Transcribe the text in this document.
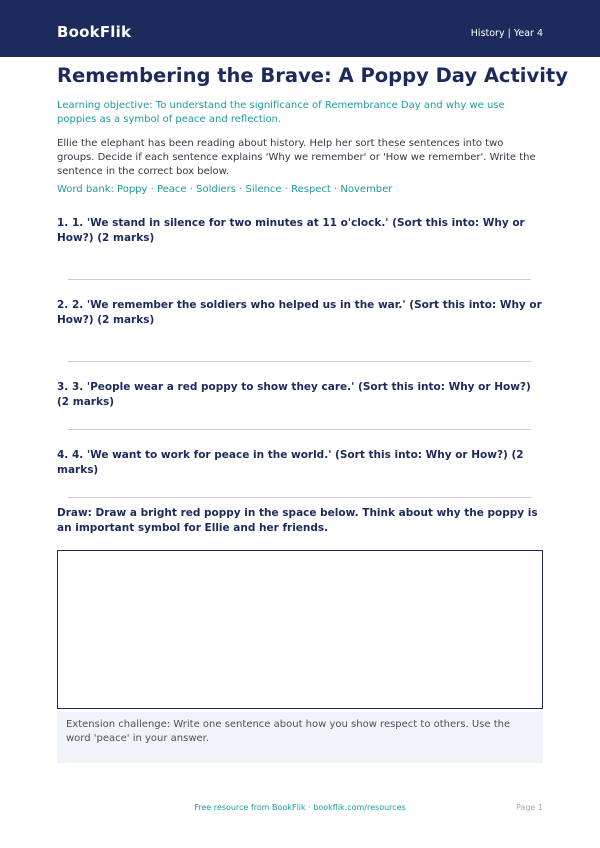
BookFlik	History | Year 4
Remembering the Brave: A Poppy Day Activity

Learning objective: To understand the significance of Remembrance Day and why we use poppies as a symbol of peace and reflection.

Ellie the elephant has been reading about history. Help her sort these sentences into two groups. Decide if each sentence explains 'Why we remember' or 'How we remember'. Write the sentence in the correct box below.

Word bank: Poppy · Peace · Soldiers · Silence · Respect · November

1. 1. 'We stand in silence for two minutes at 11 o'clock.' (Sort this into: Why or How?) (2 marks)

2. 2. 'We remember the soldiers who helped us in the war.' (Sort this into: Why or How?) (2 marks)

3. 3. 'People wear a red poppy to show they care.' (Sort this into: Why or How?) (2 marks)

4. 4. 'We want to work for peace in the world.' (Sort this into: Why or How?) (2 marks)

Draw: Draw a bright red poppy in the space below. Think about why the poppy is an important symbol for Ellie and her friends.

Extension challenge: Write one sentence about how you show respect to others. Use the word 'peace' in your answer.

Free resource from BookFlik · bookflik.com/resources	Page 1
